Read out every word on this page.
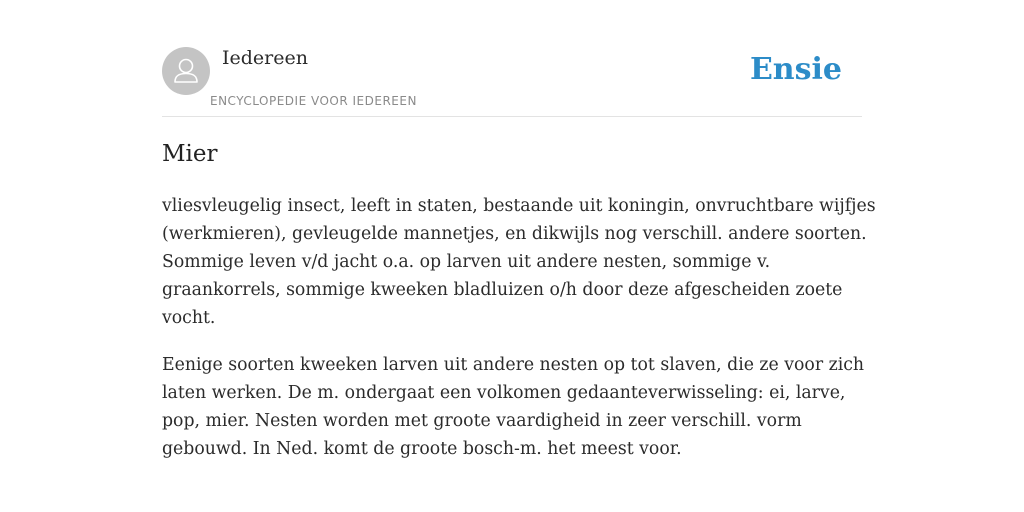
Iedereen
ENCYCLOPEDIE VOOR IEDEREEN
Ensie
Mier

vliesvleugelig insect, leeft in staten, bestaande uit koningin, onvruchtbare wijfjes
(werkmieren), gevleugelde mannetjes, en dikwijls nog verschill. andere soorten.
Sommige leven v/d jacht o.a. op larven uit andere nesten, sommige v.
graankorrels, sommige kweeken bladluizen o/h door deze afgescheiden zoete
vocht.

Eenige soorten kweeken larven uit andere nesten op tot slaven, die ze voor zich
laten werken. De m. ondergaat een volkomen gedaanteverwisseling: ei, larve,
pop, mier. Nesten worden met groote vaardigheid in zeer verschill. vorm
gebouwd. In Ned. komt de groote bosch-m. het meest voor.
